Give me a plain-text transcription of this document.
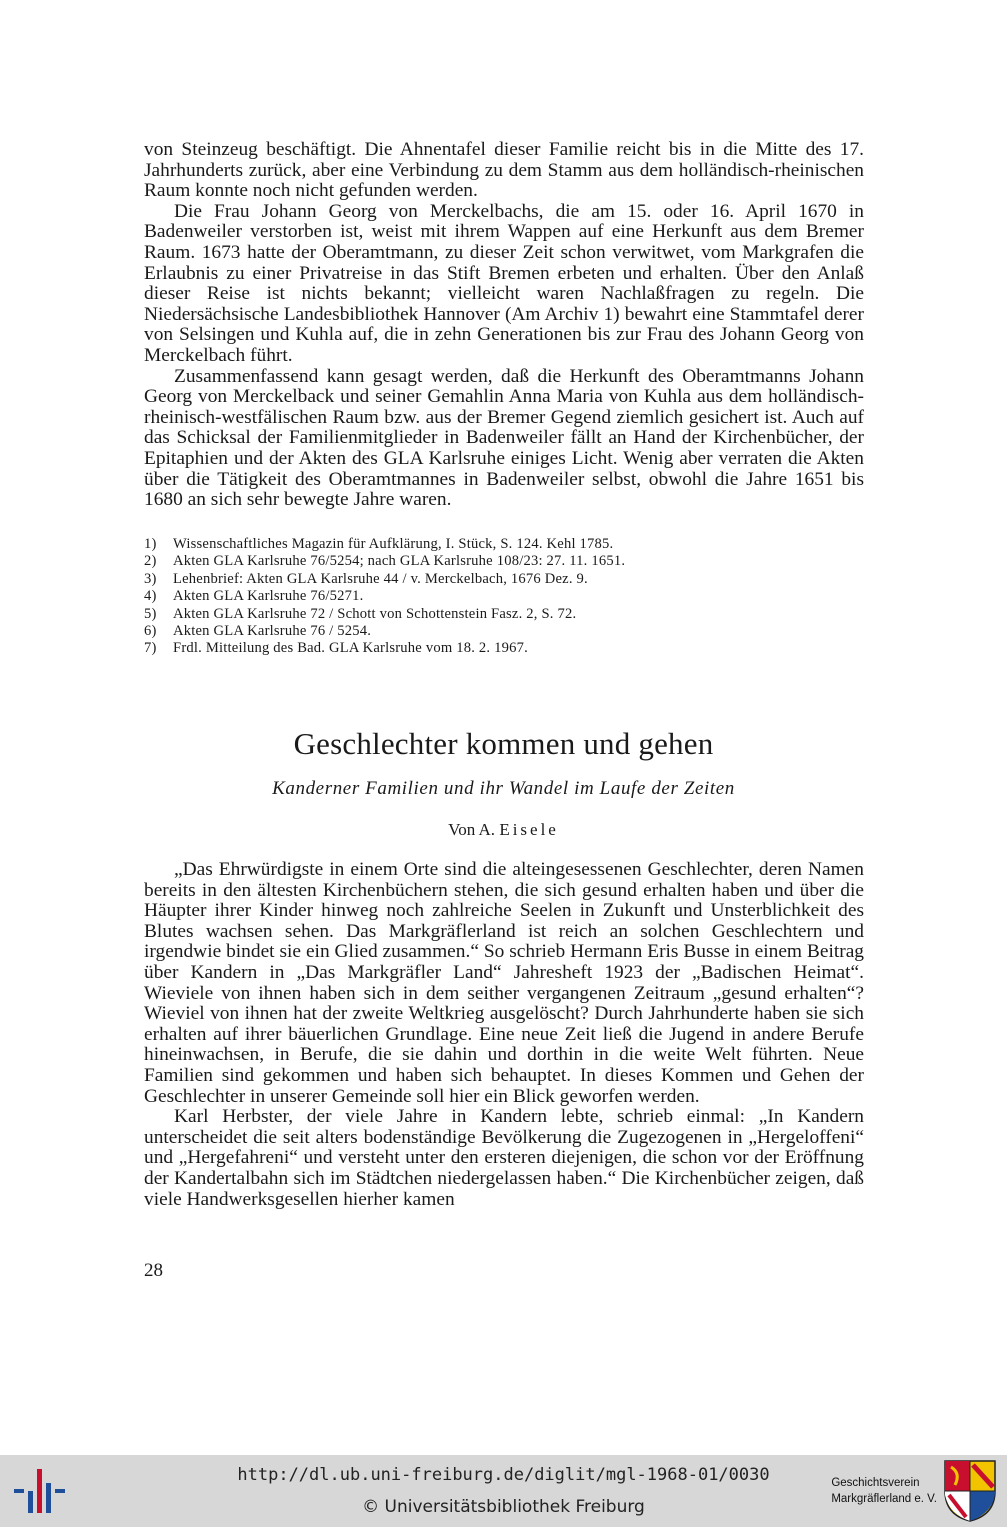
von Steinzeug beschäftigt. Die Ahnentafel dieser Familie reicht bis in die Mitte des 17. Jahrhunderts zurück, aber eine Verbindung zu dem Stamm aus dem holländisch-rheinischen Raum konnte noch nicht gefunden werden.

Die Frau Johann Georg von Merckelbachs, die am 15. oder 16. April 1670 in Badenweiler verstorben ist, weist mit ihrem Wappen auf eine Herkunft aus dem Bremer Raum. 1673 hatte der Oberamtmann, zu dieser Zeit schon verwitwet, vom Markgrafen die Erlaubnis zu einer Privatreise in das Stift Bremen erbeten und erhalten. Über den Anlaß dieser Reise ist nichts bekannt; vielleicht waren Nachlaßfragen zu regeln. Die Niedersächsische Landesbibliothek Hannover (Am Archiv 1) bewahrt eine Stammtafel derer von Selsingen und Kuhla auf, die in zehn Generationen bis zur Frau des Johann Georg von Merckelbach führt.

Zusammenfassend kann gesagt werden, daß die Herkunft des Oberamtmanns Johann Georg von Merckelback und seiner Gemahlin Anna Maria von Kuhla aus dem holländisch-rheinisch-westfälischen Raum bzw. aus der Bremer Gegend ziemlich gesichert ist. Auch auf das Schicksal der Familienmitglieder in Badenweiler fällt an Hand der Kirchenbücher, der Epitaphien und der Akten des GLA Karlsruhe einiges Licht. Wenig aber verraten die Akten über die Tätigkeit des Oberamtmannes in Badenweiler selbst, obwohl die Jahre 1651 bis 1680 an sich sehr bewegte Jahre waren.

1)	Wissenschaftliches Magazin für Aufklärung, I. Stück, S. 124. Kehl 1785.
2)	Akten GLA Karlsruhe 76/5254; nach GLA Karlsruhe 108/23: 27. 11. 1651.
3)	Lehenbrief: Akten GLA Karlsruhe 44 / v. Merckelbach, 1676 Dez. 9.
4)	Akten GLA Karlsruhe 76/5271.
5)	Akten GLA Karlsruhe 72 / Schott von Schottenstein Fasz. 2, S. 72.
6)	Akten GLA Karlsruhe 76 / 5254.
7)	Frdl. Mitteilung des Bad. GLA Karlsruhe vom 18. 2. 1967.
Geschlechter kommen und gehen
Kanderner Familien und ihr Wandel im Laufe der Zeiten
Von A. Eisele

„Das Ehrwürdigste in einem Orte sind die alteingesessenen Geschlechter, deren Namen bereits in den ältesten Kirchenbüchern stehen, die sich gesund erhalten haben und über die Häupter ihrer Kinder hinweg noch zahlreiche Seelen in Zukunft und Unsterblichkeit des Blutes wachsen sehen. Das Markgräflerland ist reich an solchen Geschlechtern und irgendwie bindet sie ein Glied zusammen.“ So schrieb Hermann Eris Busse in einem Beitrag über Kandern in „Das Markgräfler Land“ Jahresheft 1923 der „Badischen Heimat“. Wieviele von ihnen haben sich in dem seither vergangenen Zeitraum „gesund erhalten“? Wieviel von ihnen hat der zweite Weltkrieg ausgelöscht? Durch Jahrhunderte haben sie sich erhalten auf ihrer bäuerlichen Grundlage. Eine neue Zeit ließ die Jugend in andere Berufe hineinwachsen, in Berufe, die sie dahin und dorthin in die weite Welt führten. Neue Familien sind gekommen und haben sich behauptet. In dieses Kommen und Gehen der Geschlechter in unserer Gemeinde soll hier ein Blick geworfen werden.

Karl Herbster, der viele Jahre in Kandern lebte, schrieb einmal: „In Kandern unterscheidet die seit alters bodenständige Bevölkerung die Zugezogenen in „Hergeloffeni“ und „Hergefahreni“ und versteht unter den ersteren diejenigen, die schon vor der Eröffnung der Kandertalbahn sich im Städtchen niedergelassen haben.“ Die Kirchenbücher zeigen, daß viele Handwerksgesellen hierher kamen

28
http://dl.ub.uni-freiburg.de/diglit/mgl-1968-01/0030
© Universitätsbibliothek Freiburg
Geschichtsverein
Markgräflerland e. V.
